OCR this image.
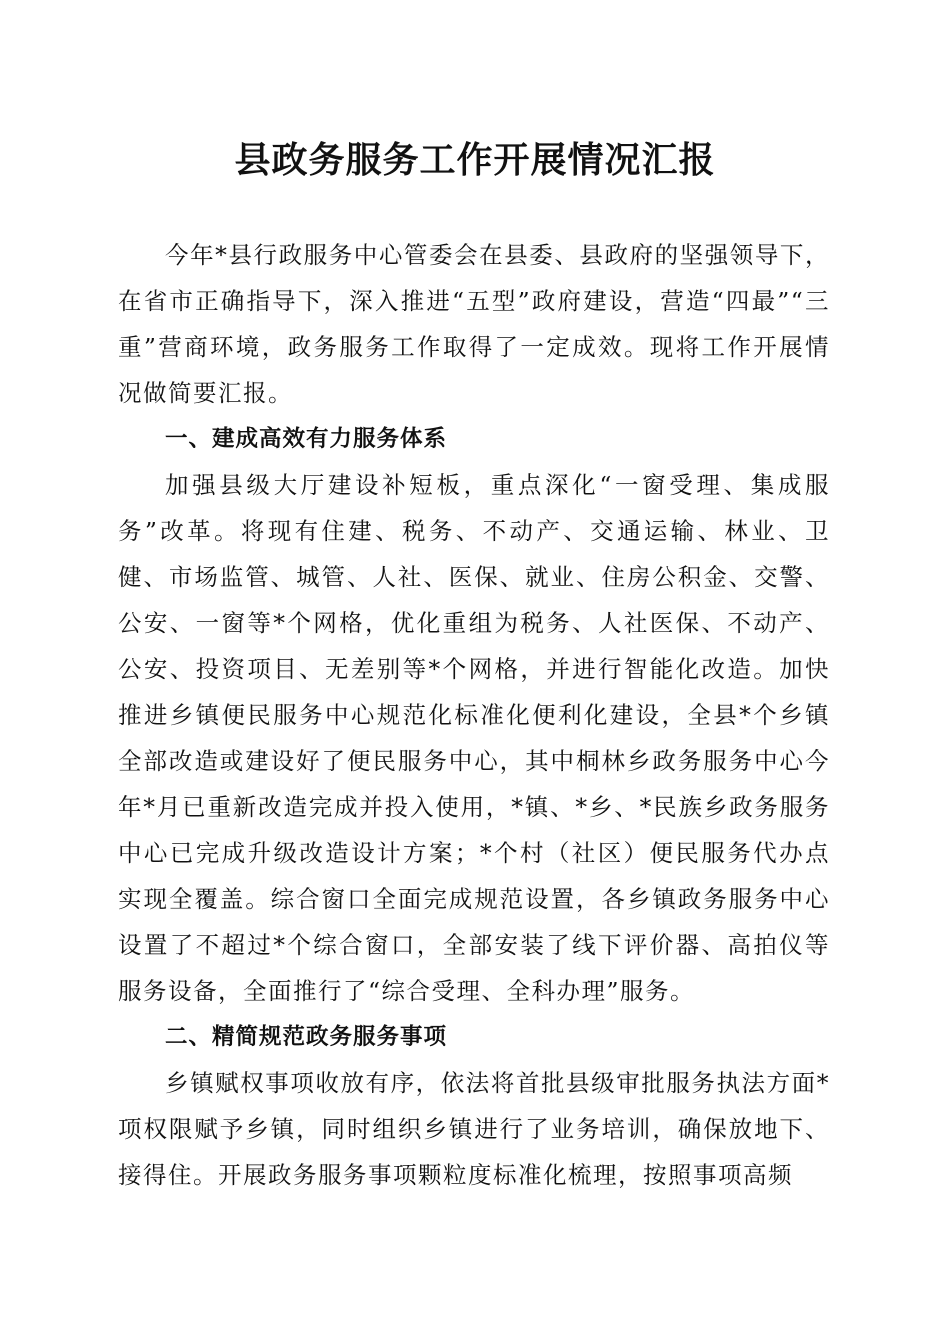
县政务服务工作开展情况汇报

今年*县行政服务中心管委会在县委、县政府的坚强领导下，在省市正确指导下，深入推进“五型”政府建设，营造“四最”“三重”营商环境，政务服务工作取得了一定成效。现将工作开展情况做简要汇报。

一、建成高效有力服务体系

加强县级大厅建设补短板，重点深化“一窗受理、集成服务”改革。将现有住建、税务、不动产、交通运输、林业、卫健、市场监管、城管、人社、医保、就业、住房公积金、交警、公安、一窗等*个网格，优化重组为税务、人社医保、不动产、公安、投资项目、无差别等*个网格，并进行智能化改造。加快推进乡镇便民服务中心规范化标准化便利化建设，全县*个乡镇全部改造或建设好了便民服务中心，其中桐林乡政务服务中心今年*月已重新改造完成并投入使用，*镇、*乡、*民族乡政务服务中心已完成升级改造设计方案；*个村（社区）便民服务代办点实现全覆盖。综合窗口全面完成规范设置，各乡镇政务服务中心设置了不超过*个综合窗口，全部安装了线下评价器、高拍仪等服务设备，全面推行了“综合受理、全科办理”服务。

二、精简规范政务服务事项

乡镇赋权事项收放有序，依法将首批县级审批服务执法方面*项权限赋予乡镇，同时组织乡镇进行了业务培训，确保放地下、接得住。开展政务服务事项颗粒度标准化梳理，按照事项高频
